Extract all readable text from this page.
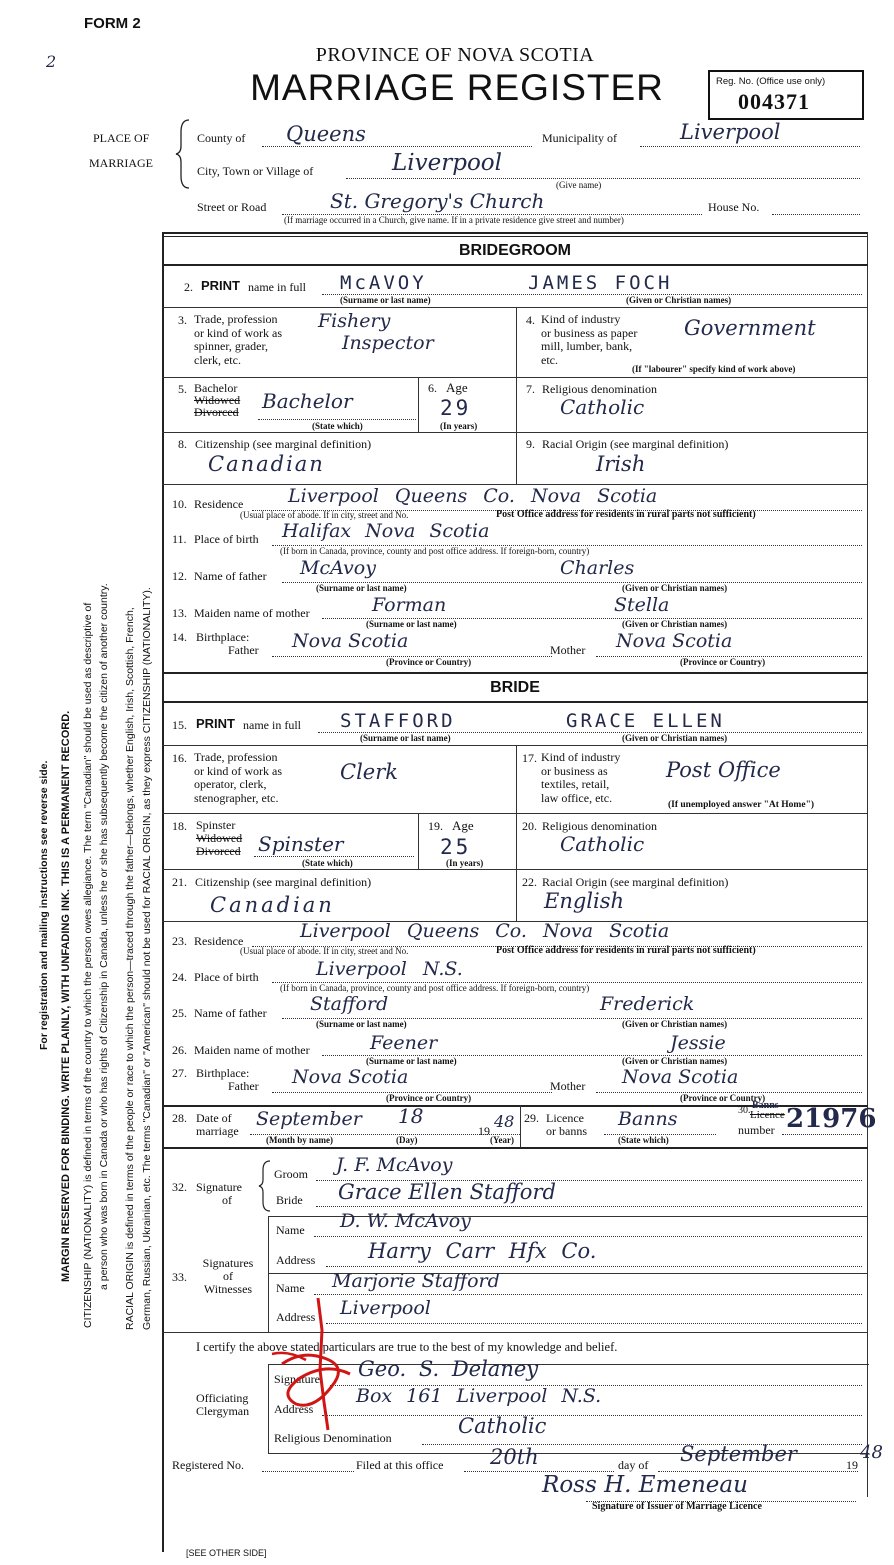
FORM 2
2	PROVINCE OF NOVA SCOTIA
MARRIAGE REGISTER	Reg. No. (Office use only)
004371
PLACE OF
MARRIAGE
County of Queens	Municipality of	Liverpool
City, Town or Village of	Liverpool
(Give name)
Street or Road	St. Gregory's Church	House No.
(If marriage occurred in a Church, give name. If in a private residence give street and number)
For registration and mailing instructions see reverse side. MARGIN RESERVED FOR BINDING. WRITE PLAINLY, WITH UNFADING INK. THIS IS A PERMANENT RECORD. CITIZENSHIP (NATIONALITY) is defined in terms of the country to which the person owes allegiance. The term "Canadian" should be used as descriptive of a person who was born in Canada or who has rights of Citizenship in Canada, unless he or she has subsequently become the citizen of another country. RACIAL ORIGIN is defined in terms of the people or race to which the person—traced through the father—belongs, whether English, Irish, Scottish, French, German, Russian, Ukrainian, etc. The terms "Canadian" or "American" should not be used for RACIAL ORIGIN, as they express CITIZENSHIP (NATIONALITY).
BRIDEGROOM
2. PRINT name in full McAVOY	JAMES FOCH
(Surname or last name)	(Given or Christian names)
3. Trade, profession
or kind of work as
spinner, grader,
clerk, etc.
Fishery
Inspector
4. Kind of industry
or business as paper
mill, lumber, bank,
etc.
Government
(If "labourer" specify kind of work above)
5. Bachelor
Widowed
Divorced Bachelor
(State which)
6. Age
29
(In years)
7. Religious denomination
Catholic
8. Citizenship (see marginal definition)
Canadian
9. Racial Origin (see marginal definition)
Irish
10. Residence Liverpool Queens Co. Nova Scotia
(Usual place of abode. If in city, street and No.	Post Office address for residents in rural parts not sufficient)
11. Place of birth Halifax Nova Scotia
(If born in Canada, province, county and post office address. If foreign-born, country)
12. Name of father McAvoy	Charles
(Surname or last name)	(Given or Christian names)
13. Maiden name of mother	Forman	Stella
(Surname or last name)	(Given or Christian names)
14. Birthplace:
Father Nova Scotia	Mother Nova Scotia
(Province or Country)	(Province or Country)
BRIDE
15. PRINT name in full STAFFORD	GRACE ELLEN
(Surname or last name)	(Given or Christian names)
16. Trade, profession
or kind of work as
operator, clerk,
stenographer, etc.
Clerk
17. Kind of industry
or business as
textiles, retail,
law office, etc.
Post Office
(If unemployed answer "At Home")
18. Spinster
Widowed
Divorced Spinster
(State which)
19. Age
25
(In years)
20. Religious denomination
Catholic
21. Citizenship (see marginal definition)
Canadian
22. Racial Origin (see marginal definition)
English
23. Residence	Liverpool Queens Co. Nova Scotia
(Usual place of abode. If in city, street and No.	Post Office address for residents in rural parts not sufficient)
24. Place of birth	Liverpool N.S.
(If born in Canada, province, county and post office address. If foreign-born, country)
25. Name of father Stafford	Frederick
(Surname or last name)	(Given or Christian names)
26. Maiden name of mother	Feener	Jessie
(Surname or last name)	(Given or Christian names)
27. Birthplace:
Father Nova Scotia	Mother Nova Scotia
(Province or Country)	(Province or Country)
28. Date of
marriage
September 18
19 48
(Month by name)	(Day)	(Year)
29. Licence
or banns
Banns
(State which)
30. Banns
Licence
number 21976
32. Signature
of
Groom J. F. McAvoy
Bride Grace Ellen Stafford
33.
Signatures
of
Witnesses
Name D. W. McAvoy
Address	Harry Carr Hfx Co.
Name Marjorie Stafford
Address Liverpool
I certify the above stated particulars are true to the best of my knowledge and belief.
Officiating
Clergyman
Signature Geo. S. Delaney
Address
Box 161 Liverpool N.S.
Religious Denomination	Catholic
Registered No.	Filed at this office 20th	day of September	19
48
Ross H. Emeneau
Signature of Issuer of Marriage Licence
[SEE OTHER SIDE]
